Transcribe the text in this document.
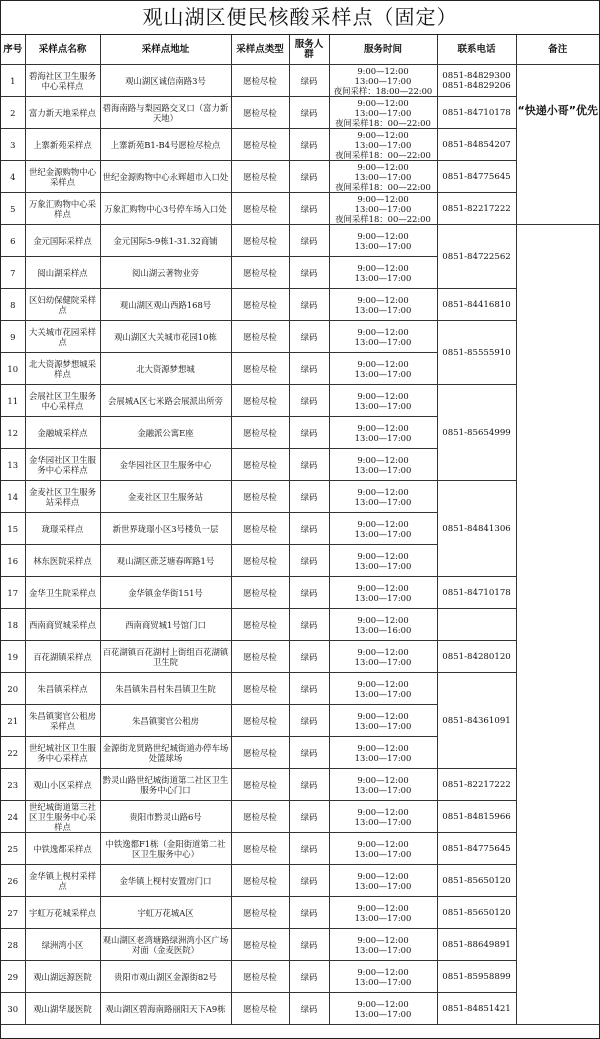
观山湖区便民核酸采样点（固定）
序号	采样点名称	采样点地址	采样点类型	服务人群	服务时间	联系电话	备注
1	碧海社区卫生服务中心采样点	观山湖区诚信南路3号	愿检尽检	绿码	9:00—12:00
13:00—17:00
夜间采样：18:00—22:00	0851-84829300
0851-84829206	“快递小哥”优先
2	富力新天地采样点	碧海南路与梨园路交叉口（富力新天地）	愿检尽检	绿码	9:00—12:00
13:00—17:00
夜间采样18：00—22:00	0851-84710178	
3	上寨新苑采样点	上寨新苑B1-B4号愿检尽检点	愿检尽检	绿码	9:00—12:00
13:00—17:00
夜间采样18：00—22:00	0851-84854207	
4	世纪金源购物中心采样点	世纪金源购物中心永辉超市入口处	愿检尽检	绿码	9:00—12:00
13:00—17:00
夜间采样18：00—22:00	0851-84775645	
5	万象汇购物中心采样点	万象汇购物中心3号停车场入口处	愿检尽检	绿码	9:00—12:00
13:00—17:00
夜间采样18：00—22:00	0851-82217222	
6	金元国际采样点	金元国际5-9栋1-31.32商铺	愿检尽检	绿码	9:00—12:00
13:00—17:00	0851-84722562	
7	阅山湖采样点	阅山湖云著物业旁	愿检尽检	绿码	9:00—12:00
13:00—17:00		
8	区妇幼保健院采样点	观山湖区观山西路168号	愿检尽检	绿码	9:00—12:00
13:00—17:00	0851-84416810	
9	大关城市花园采样点	观山湖区大关城市花园10栋	愿检尽检	绿码	9:00—12:00
13:00—17:00	0851-85555910	
10	北大资源梦想城采样点	北大资源梦想城	愿检尽检	绿码	9:00—12:00
13:00—17:00		
11	会展社区卫生服务中心采样点	会展城A区七米路会展派出所旁	愿检尽检	绿码	9:00—12:00
13:00—17:00	0851-85654999	
12	金融城采样点	金融派公寓E座	愿检尽检	绿码	9:00—12:00
13:00—17:00		
13	金华园社区卫生服务中心采样点	金华园社区卫生服务中心	愿检尽检	绿码	9:00—12:00
13:00—17:00		
14	金麦社区卫生服务站采样点	金麦社区卫生服务站	愿检尽检	绿码	9:00—12:00
13:00—17:00	0851-84841306	
15	珑璟采样点	新世界珑璟小区3号楼负一层	愿检尽检	绿码	9:00—12:00
13:00—17:00		
16	林东医院采样点	观山湖区蔗芝塘春晖路1号	愿检尽检	绿码	9:00—12:00
13:00—17:00		
17	金华卫生院采样点	金华镇金华街151号	愿检尽检	绿码	9:00—12:00
13:00—17:00	0851-84710178	
18	西南商贸城采样点	西南商贸城1号馆门口	愿检尽检	绿码	9:00—12:00
13:00—16:00		
19	百花湖镇采样点	百花湖镇百花湖村上街组百花湖镇卫生院	愿检尽检	绿码	9:00—12:00
13:00—17:00	0851-84280120	
20	朱昌镇采样点	朱昌镇朱昌村朱昌镇卫生院	愿检尽检	绿码	9:00—12:00
13:00—17:00	0851-84361091	
21	朱昌镇窦官公租房采样点	朱昌镇窦官公租房	愿检尽检	绿码	9:00—12:00
13:00—17:00		
22	世纪城社区卫生服务中心采样点	金源街龙贤路世纪城街道办停车场处篮球场	愿检尽检	绿码	9:00—12:00
13:00—17:00		
23	观山小区采样点	黔灵山路世纪城街道第二社区卫生服务中心门口	愿检尽检	绿码	9:00—12:00
13:00—17:00	0851-82217222	
24	世纪城街道第三社区卫生服务中心采样点	贵阳市黔灵山路6号	愿检尽检	绿码	9:00—12:00
13:00—17:00	0851-84815966	
25	中铁逸都采样点	中铁逸都F1栋（金阳街道第二社区卫生服务中心）	愿检尽检	绿码	9:00—12:00
13:00—17:00	0851-84775645	
26	金华镇上枧村采样点	金华镇上枧村安置房门口	愿检尽检	绿码	9:00—12:00
13:00—17:00	0851-85650120	
27	宇虹万花城采样点	宇虹万花城A区	愿检尽检	绿码	9:00—12:00
13:00—17:00	0851-85650120	
28	绿洲湾小区	观山湖区老湾塘路绿洲湾小区广场对面（金麦医院）	愿检尽检	绿码	9:00—12:00
13:00—17:00	0851-88649891	
29	观山湖远源医院	贵阳市观山湖区金源街82号	愿检尽检	绿码	9:00—12:00
13:00—17:00	0851-85958899	
30	观山湖华晟医院	观山湖区碧海南路丽阳天下A9栋	愿检尽检	绿码	9:00—12:00
13:00—17:00	0851-84851421	
